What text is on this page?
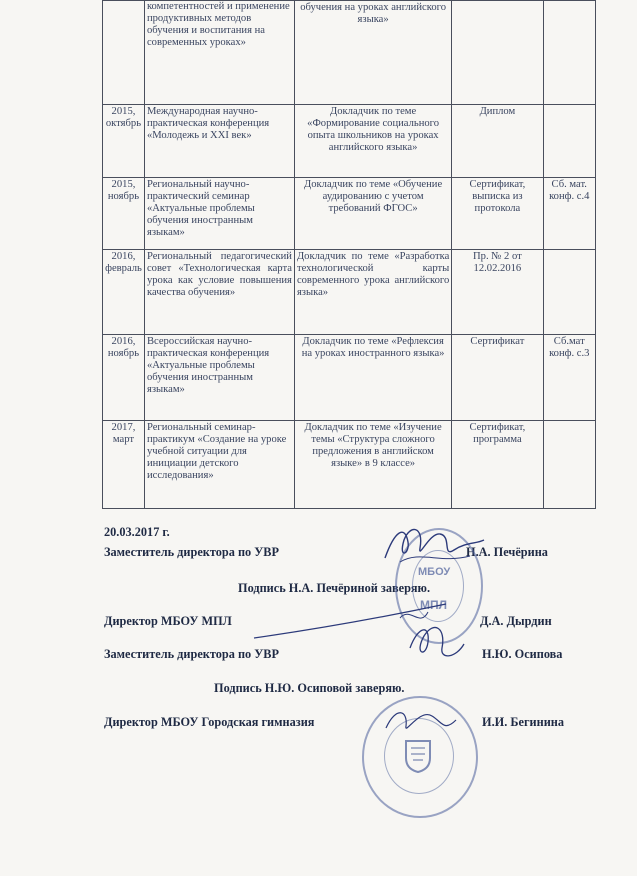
	компетентностей и применение продуктивных методов обучения и воспитания на современных уроках»	обучения на уроках английского языка»		
2015, октябрь	Международная научно-практическая конференция «Молодежь и XXI век»	Докладчик по теме «Формирование социального опыта школьников на уроках английского языка»	Диплом	
2015, ноябрь	Региональный научно-практический семинар «Актуальные проблемы обучения иностранным языкам»	Докладчик по теме «Обучение аудированию с учетом требований ФГОС»	Сертификат, выписка из протокола	Сб. мат. конф. с.4
2016, февраль	Региональный педагогический совет «Технологическая карта урока как условие повышения качества обучения»	Докладчик по теме «Разработка технологической карты современного урока английского языка»	Пр. № 2 от 12.02.2016	
2016, ноябрь	Всероссийская научно-практическая конференция «Актуальные проблемы обучения иностранным языкам»	Докладчик по теме «Рефлексия на уроках иностранного языка»	Сертификат	Сб.мат конф. с.3
2017, март	Региональный семинар-практикум «Создание на уроке учебной ситуации для инициации детского исследования»	Докладчик по теме «Изучение темы «Структура сложного предложения в английском языке» в 9 классе»	Сертификат, программа	
20.03.2017 г.
Заместитель директора по УВР	Н.А. Печёрина
Подпись Н.А. Печёриной заверяю.
Директор МБОУ МПЛ	Д.А. Дырдин
Заместитель директора по УВР	Н.Ю. Осипова
Подпись Н.Ю. Осиповой заверяю.
Директор МБОУ Городская гимназия	И.И. Бегинина
МБОУ
МПЛ
